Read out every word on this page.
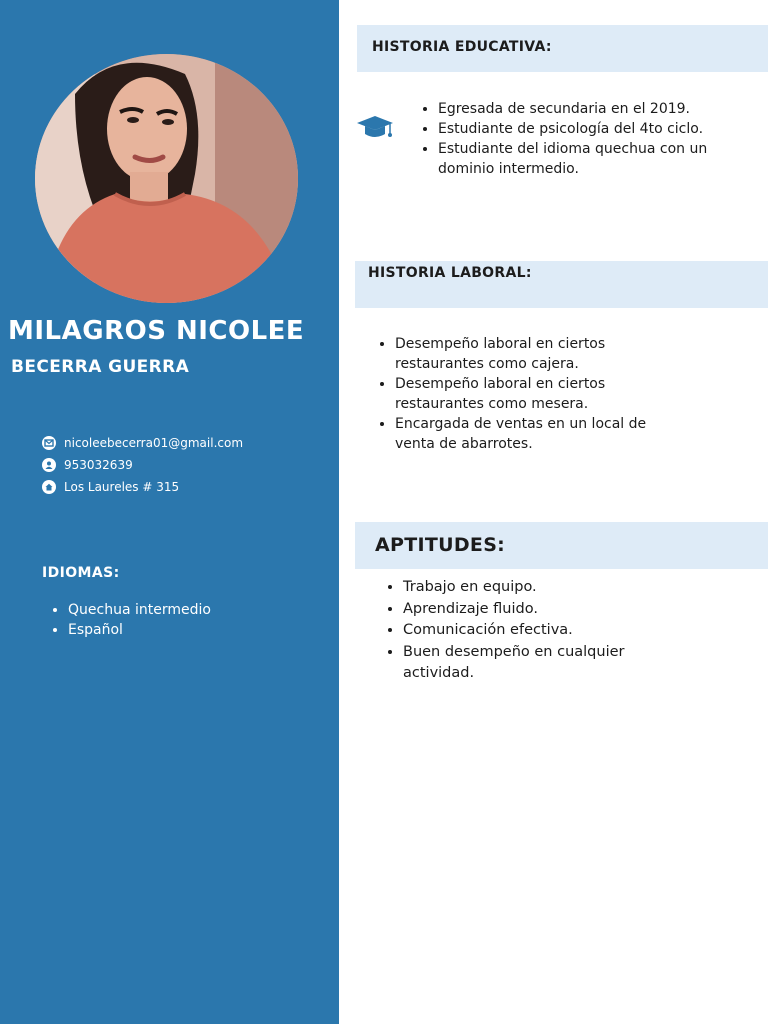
MILAGROS NICOLEE
BECERRA GUERRA
nicoleebecerra01@gmail.com
953032639
Los Laureles # 315
IDIOMAS:
• Quechua intermedio
• Español
HISTORIA EDUCATIVA:
• Egresada de secundaria en el 2019.
• Estudiante de psicología del 4to ciclo.
• Estudiante del idioma quechua con un dominio intermedio.
HISTORIA LABORAL:
• Desempeño laboral en ciertos restaurantes como cajera.
• Desempeño laboral en ciertos restaurantes como mesera.
• Encargada de ventas en un local de venta de abarrotes.
APTITUDES:
• Trabajo en equipo.
• Aprendizaje fluido.
• Comunicación efectiva.
• Buen desempeño en cualquier actividad.
